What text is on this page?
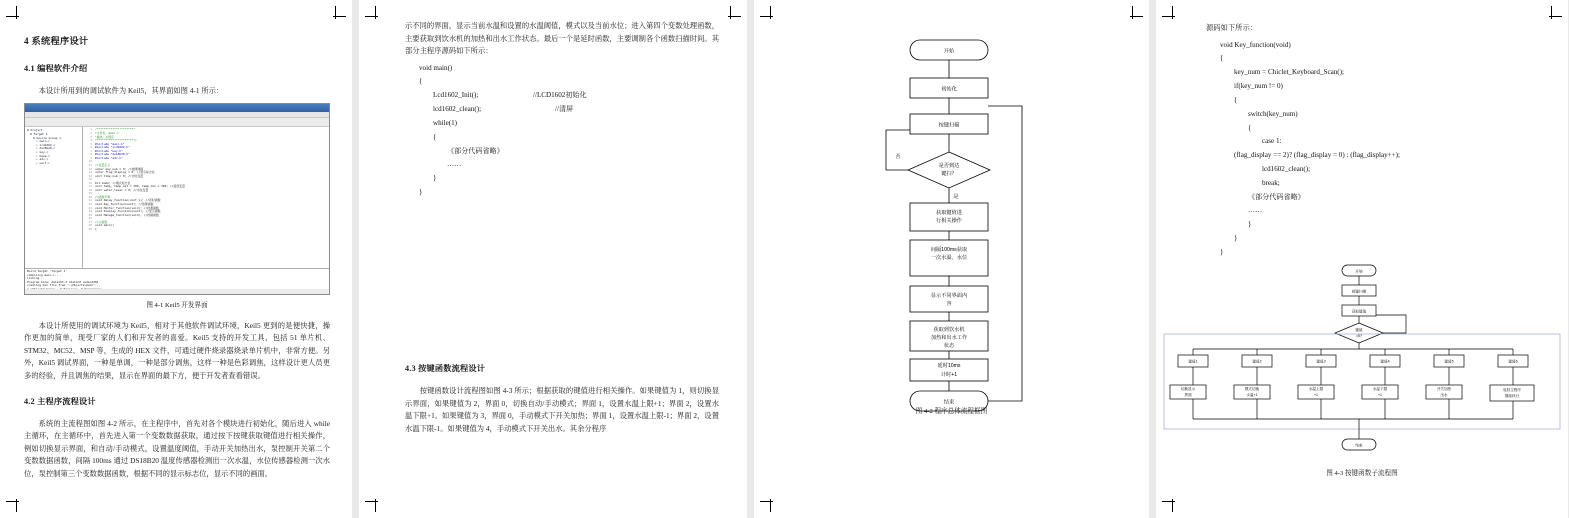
4 系统程序设计
4.1 编程软件介绍
本设计所用到的调试软件为 Keil5，其界面如图 4-1 所示：
⊟ Project
⊟ Target 1
⊟ Source Group 1
• main.c
• lcd1602.c
• ds18b20.c
• key.c
• beep.c
• adc.c
• uart.c
1 /**********************
2 *文件名：main.c
3 *描述：主程序
4 ***********************/
5 #include "main.h"
6 #include "lcd1602.h"
7 #include "key.h"
8 #include "ds18b20.h"
9 #include "adc.h"
10
11 //变量定义
12 uchar key_num = 0; //按键键值
13 uchar flag_display = 0; //显示标志位
14 uint time_num = 0; //计时变量
15
16 bit mode; //模式标志位
17 uint temp, temp_set = 300, temp_min = 280; //温度变量
18 uint water_level = 0; //水位变量
19
20 //函数声明
21 void Delay_function(uint x); //延时函数
22 void Key_function(void); //按键函数
23 void Moitor_function(void); //检测函数
24 void Display_function(void); //显示函数
25 void Manage_function(void); //控制函数
26
27 //主函数
28 void main()
29 {
Build target 'Target 1'
compiling main.c...
linking...
Program Size: data=63.2 xdata=0 code=4382
creating hex file from ".\Objects\main"...
图 4-1 Keil5 开发界面
本设计所使用的调试环境为 Keil5，相对于其他软件调试环境，Keil5 更到的是便快捷，操作更加的简单，现受厂家的人们和开发者的喜爱。Keil5 支持的开发工具，包括 51 单片机、STM32、MC52、MSP 等，生成的 HEX 文件，可通过硬件烧录器烧录单片机中，非常方便。另外，Keil5 调试界面，一种是单调，一种是部分调焦，这样一种是色彩调焦，这样设计更人员更多的经验，并且调焦的结果，显示在界面的最下方，便于开发者查看错误。
4.2 主程序流程设计
系统的主流程图如图 4-2 所示，在主程序中，首先对各个模块进行初始化，随后进入 while 主循环，在主循环中，首先进入第一个变数数据获取，通过按下按键获取键值进行相关操作，例如切换显示界面，和自动/手动模式，设置温度阈值，手动开关加热出水，泵控制开关第二个变数数据函数，间隔 100ms 通过 DS18B20 温度传感器检测出一次水温，水位传感器检测一次水位，泵控制第三个变数数据函数，根据不同的显示标志位，显示不同的画面。
示不同的界面，显示当前水温和设置的水温阈值，模式以及当前水位；进入第四个变数处理函数，主要获取到饮水机的加热和出水工作状态。最后一个是延时函数，主要调制各个函数扫描时间。其部分主程序源码如下所示：
void main()
{
Lcd1602_Init();	//LCD1602初始化
lcd1602_clean();	//清屏
while(1)
{
《部分代码省略》
……
}
}
4.3 按键函数流程设计
按键函数设计流程图如图 4-3 所示；根据获取的键值进行相关操作。如果键值为 1，则切换显示界面，如果键值为 2，界面 0，切换自动/手动模式；界面 1，设置水温上限+1；界面 2，设置水温下限+1。如果键值为 3，界面 0，手动模式下开关加热；界面 1，设置水温上限-1；界面 2，设置水温下限-1。如果键值为 4，手动模式下开关出水。其余分程序
开始
初始化
按键扫描
是否到达
键扫？
获取键值进
行相关操作
间隔100ms获取
一次水温、水位
显示不同界面内
容
获取到饮水机
加热和出水工作
状态
延时10ms
计时+1
结束
否
是
图 4-2 程序总体流程框图
源码如下所示：
void Key_function(void)
{
key_num = Chiclet_Keyboard_Scan();
if(key_num != 0)
{
switch(key_num)
{
case 1:
(flag_display == 2)? (flag_display = 0) : (flag_display++);
lcd1602_clean();
break;
《部分代码省略》
……
}
}
}
开始
按键扫描
获取键值
键值
=0?
键值1	键值2	键值3	键值4	键值5	键值6
切换显示
界面
模式切换
水温+1
水温上限
+1
水温下限
+1
开关加热
出水
返回主程序
继续执行
结束
图 4-3 按键函数子流程图
